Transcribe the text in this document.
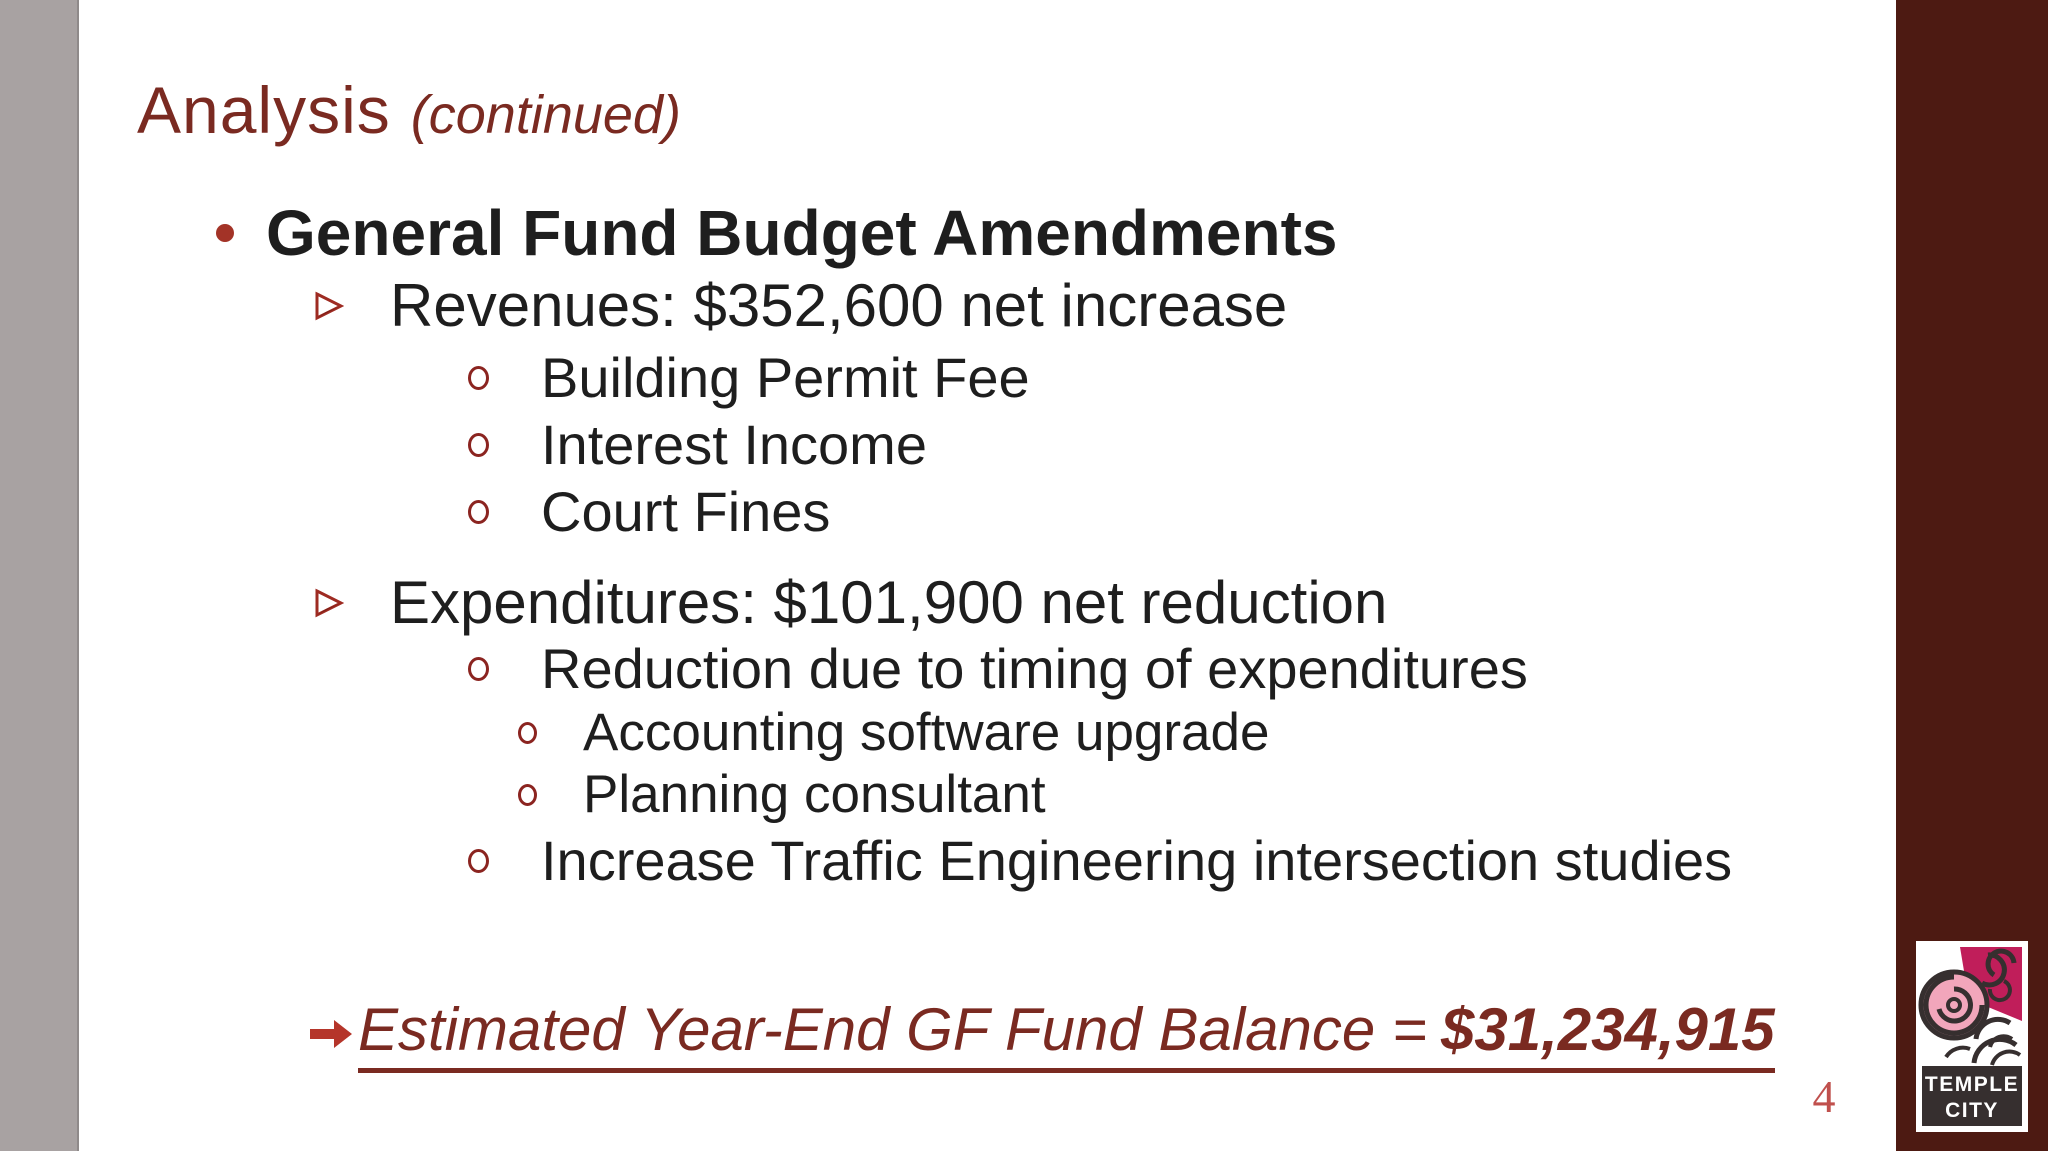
Analysis (continued)
General Fund Budget Amendments
Revenues: $352,600 net increase
Building Permit Fee
Interest Income
Court Fines
Expenditures: $101,900 net reduction
Reduction due to timing of expenditures
Accounting software upgrade
Planning consultant
Increase Traffic Engineering intersection studies
Estimated Year-End GF Fund Balance = $31,234,915
4	TEMPLE
CITY
